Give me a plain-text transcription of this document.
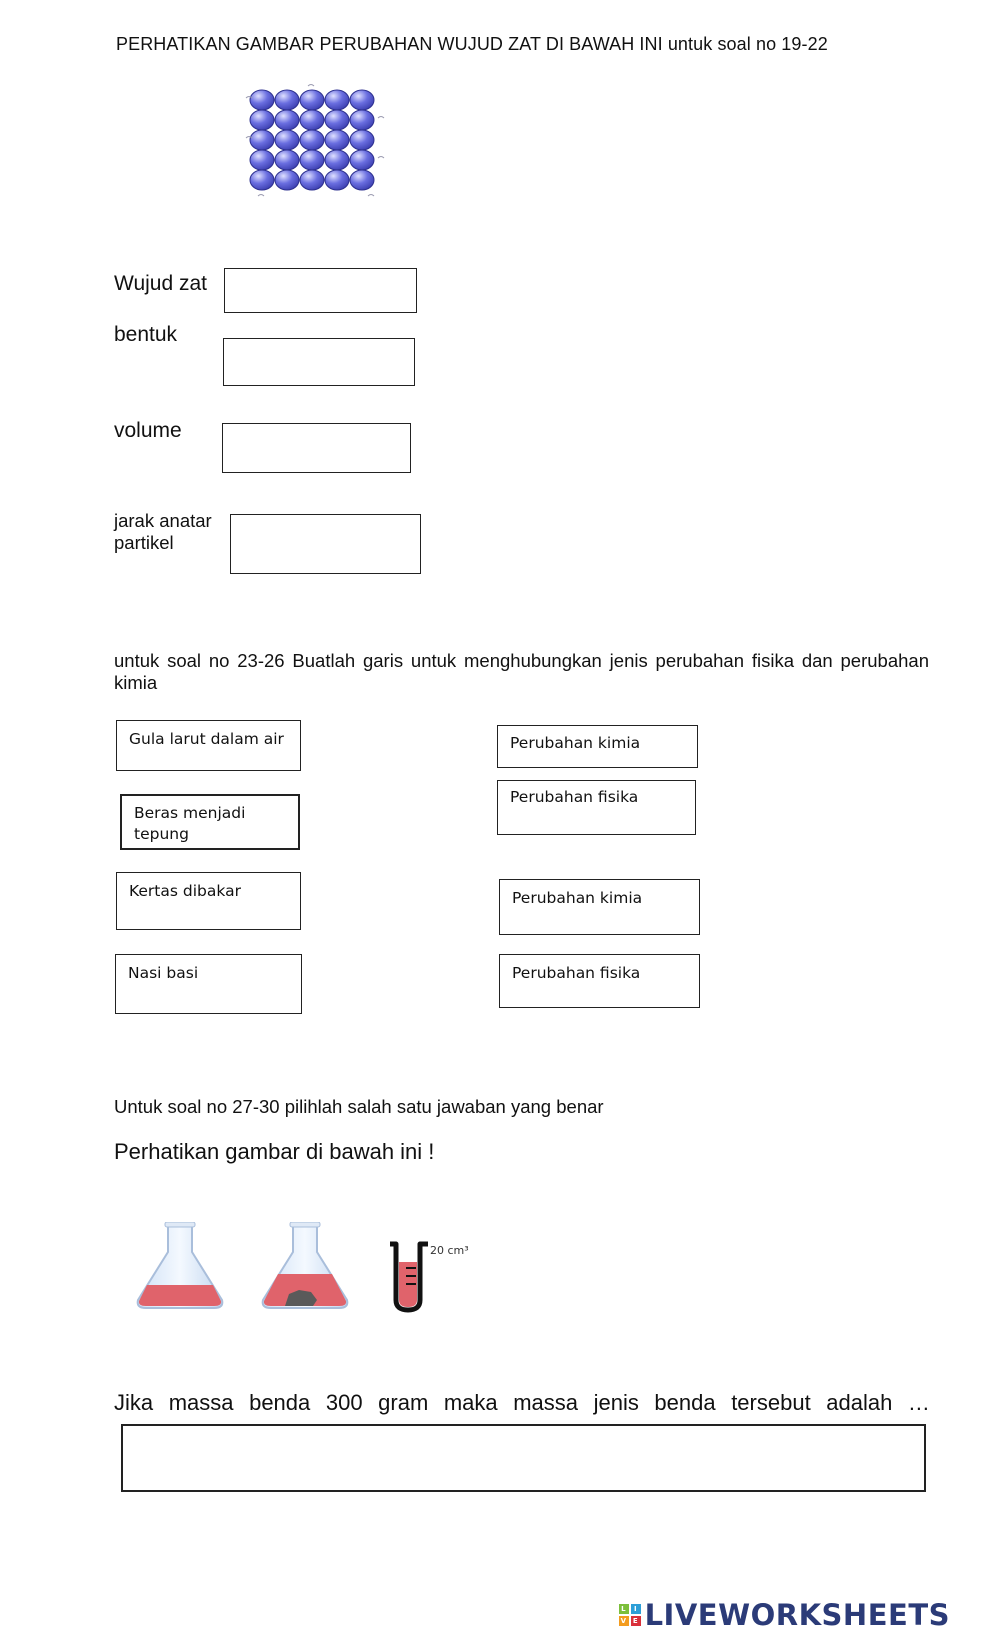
PERHATIKAN GAMBAR PERUBAHAN WUJUD ZAT DI BAWAH INI untuk soal no 19-22
Wujud zat
bentuk
volume
jarak anatar
partikel
untuk soal no 23-26 Buatlah garis untuk menghubungkan jenis perubahan fisika dan perubahan
kimia
Gula larut dalam air
Beras menjadi
tepung
Kertas dibakar
Nasi basi
Perubahan kimia
Perubahan fisika
Perubahan kimia
Perubahan fisika
Untuk soal no 27-30 pilihlah salah satu jawaban yang benar
Perhatikan gambar di bawah ini !
20 cm³
Jika massa benda 300 gram maka massa jenis benda tersebut adalah …
L	I
V E LIVEWORKSHEETS
